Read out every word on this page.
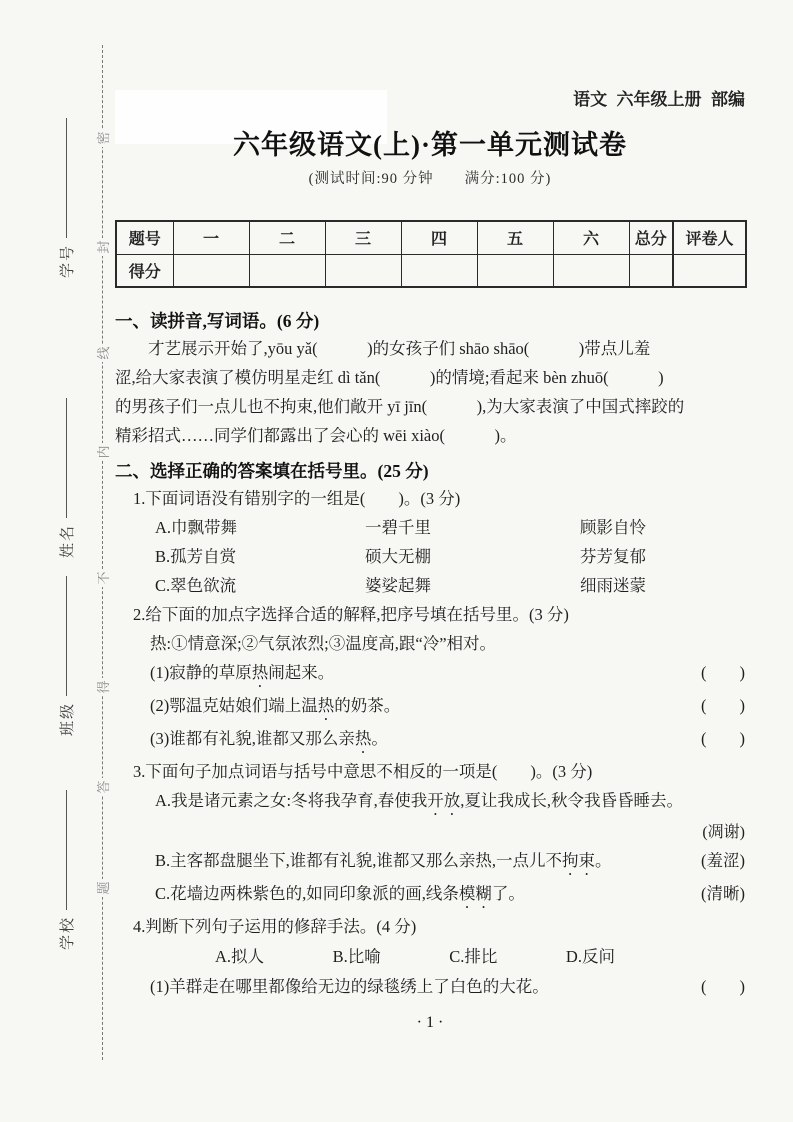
密
封
线
内
不
得
答
题
学号
姓名
班级
学校
语文  六年级上册  部编
六年级语文(上)·第一单元测试卷
(测试时间:90 分钟　　满分:100 分)
题号	一	二	三	四	五	六	总分	评卷人
得分								
一、读拼音,写词语。(6 分)
才艺展示开始了,yōu yǎ(　　　)的女孩子们 shāo shāo(　　　)带点儿羞
涩,给大家表演了模仿明星走红 dì tǎn(　　　)的情境;看起来 bèn zhuō(　　　)
的男孩子们一点儿也不拘束,他们敞开 yī jīn(　　　),为大家表演了中国式摔跤的
精彩招式……同学们都露出了会心的 wēi xiào(　　　)。
二、选择正确的答案填在括号里。(25 分)
1.下面词语没有错别字的一组是(　　)。(3 分)
A.巾飘带舞	一碧千里	顾影自怜
B.孤芳自赏	硕大无棚	芬芳复郁
C.翠色欲流	婆娑起舞	细雨迷蒙
2.给下面的加点字选择合适的解释,把序号填在括号里。(3 分)
热:①情意深;②气氛浓烈;③温度高,跟“冷”相对。
(1)寂静的草原热闹起来。	(　　)
(2)鄂温克姑娘们端上温热的奶茶。	(　　)
(3)谁都有礼貌,谁都又那么亲热。	(　　)
3.下面句子加点词语与括号中意思不相反的一项是(　　)。(3 分)
A.我是诸元素之女:冬将我孕育,春使我开放,夏让我成长,秋令我昏昏睡去。
(凋谢)
B.主客都盘腿坐下,谁都有礼貌,谁都又那么亲热,一点儿不拘束。	(羞涩)
C.花墙边两株紫色的,如同印象派的画,线条模糊了。	(清晰)
4.判断下列句子运用的修辞手法。(4 分)
A.拟人	B.比喻	C.排比	D.反问
(1)羊群走在哪里都像给无边的绿毯绣上了白色的大花。	(　　)
· 1 ·
